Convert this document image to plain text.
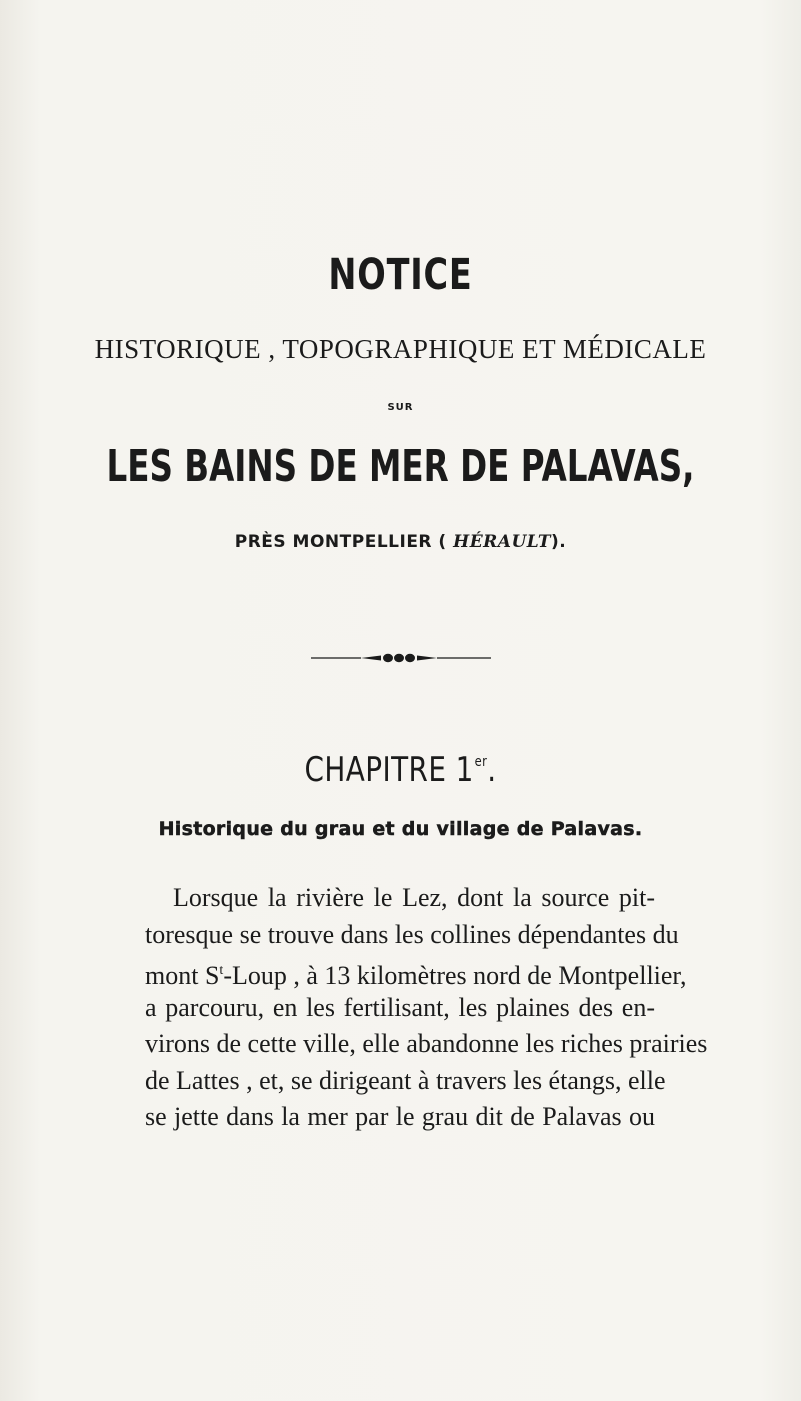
NOTICE
HISTORIQUE , TOPOGRAPHIQUE ET MÉDICALE
SUR
LES BAINS DE MER DE PALAVAS,
PRÈS MONTPELLIER ( HÉRAULT).
CHAPITRE 1er.
Historique du grau et du village de Palavas.
Lorsque la rivière le Lez, dont la source pit-
toresque se trouve dans les collines dépendantes du
mont $S^t$-Loup , à 13 kilomètres nord de Montpellier,
a parcouru, en les fertilisant, les plaines des en-
virons de cette ville, elle abandonne les riches prairies
de Lattes , et, se dirigeant à travers les étangs, elle
se jette dans la mer par le grau dit de Palavas ou
